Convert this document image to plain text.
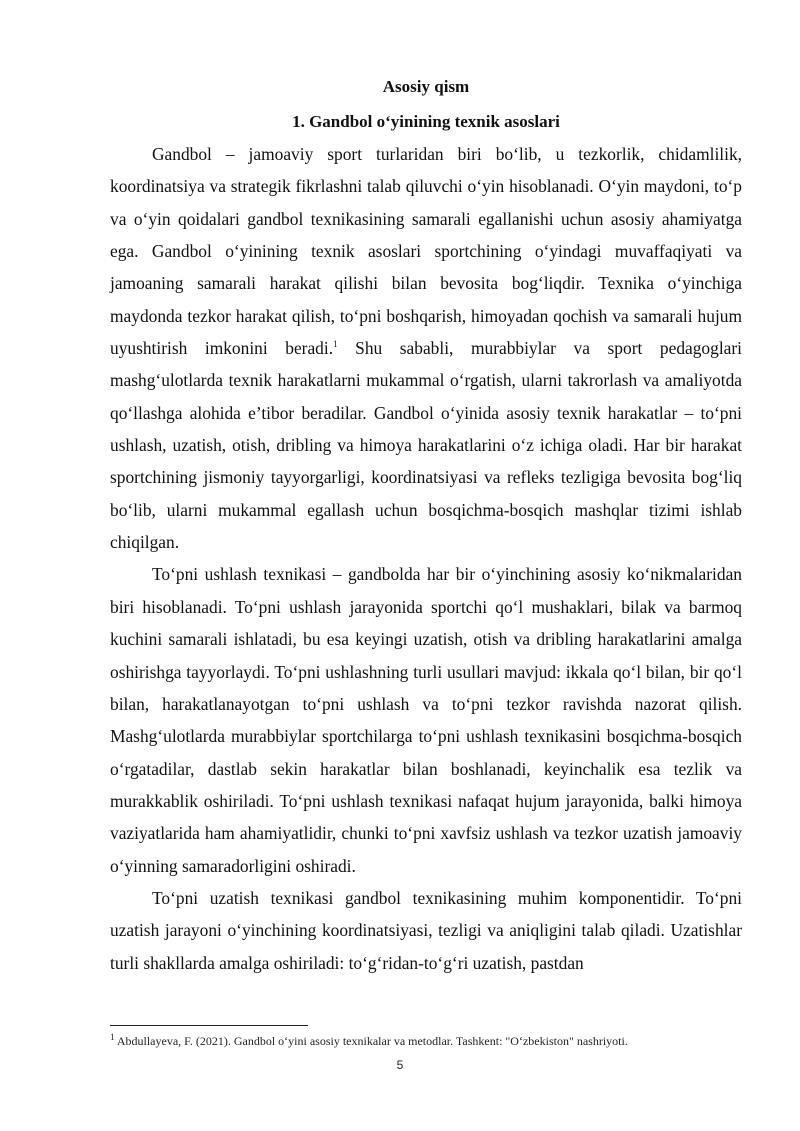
Asosiy qism
1. Gandbol o‘yinining texnik asoslari

Gandbol – jamoaviy sport turlaridan biri bo‘lib, u tezkorlik, chidamlilik, koordinatsiya va strategik fikrlashni talab qiluvchi o‘yin hisoblanadi. O‘yin maydoni, to‘p va o‘yin qoidalari gandbol texnikasining samarali egallanishi uchun asosiy ahamiyatga ega. Gandbol o‘yinining texnik asoslari sportchining o‘yindagi muvaffaqiyati va jamoaning samarali harakat qilishi bilan bevosita bog‘liqdir. Texnika o‘yinchiga maydonda tezkor harakat qilish, to‘pni boshqarish, himoyadan qochish va samarali hujum uyushtirish imkonini beradi.$^1$ Shu sababli, murabbiylar va sport pedagoglari mashg‘ulotlarda texnik harakatlarni mukammal o‘rgatish, ularni takrorlash va amaliyotda qo‘llashga alohida e’tibor beradilar. Gandbol o‘yinida asosiy texnik harakatlar – to‘pni ushlash, uzatish, otish, dribling va himoya harakatlarini o‘z ichiga oladi. Har bir harakat sportchining jismoniy tayyorgarligi, koordinatsiyasi va refleks tezligiga bevosita bog‘liq bo‘lib, ularni mukammal egallash uchun bosqichma-bosqich mashqlar tizimi ishlab chiqilgan.

To‘pni ushlash texnikasi – gandbolda har bir o‘yinchining asosiy ko‘nikmalaridan biri hisoblanadi. To‘pni ushlash jarayonida sportchi qo‘l mushaklari, bilak va barmoq kuchini samarali ishlatadi, bu esa keyingi uzatish, otish va dribling harakatlarini amalga oshirishga tayyorlaydi. To‘pni ushlashning turli usullari mavjud: ikkala qo‘l bilan, bir qo‘l bilan, harakatlanayotgan to‘pni ushlash va to‘pni tezkor ravishda nazorat qilish. Mashg‘ulotlarda murabbiylar sportchilarga to‘pni ushlash texnikasini bosqichma-bosqich o‘rgatadilar, dastlab sekin harakatlar bilan boshlanadi, keyinchalik esa tezlik va murakkablik oshiriladi. To‘pni ushlash texnikasi nafaqat hujum jarayonida, balki himoya vaziyatlarida ham ahamiyatlidir, chunki to‘pni xavfsiz ushlash va tezkor uzatish jamoaviy o‘yinning samaradorligini oshiradi.

To‘pni uzatish texnikasi gandbol texnikasining muhim komponentidir. To‘pni uzatish jarayoni o‘yinchining koordinatsiyasi, tezligi va aniqligini talab qiladi. Uzatishlar turli shakllarda amalga oshiriladi: to‘g‘ridan-to‘g‘ri uzatish, pastdan

$^1$ Abdullayeva, F. (2021). Gandbol o‘yini asosiy texnikalar va metodlar. Tashkent: "O‘zbekiston" nashriyoti.
5
